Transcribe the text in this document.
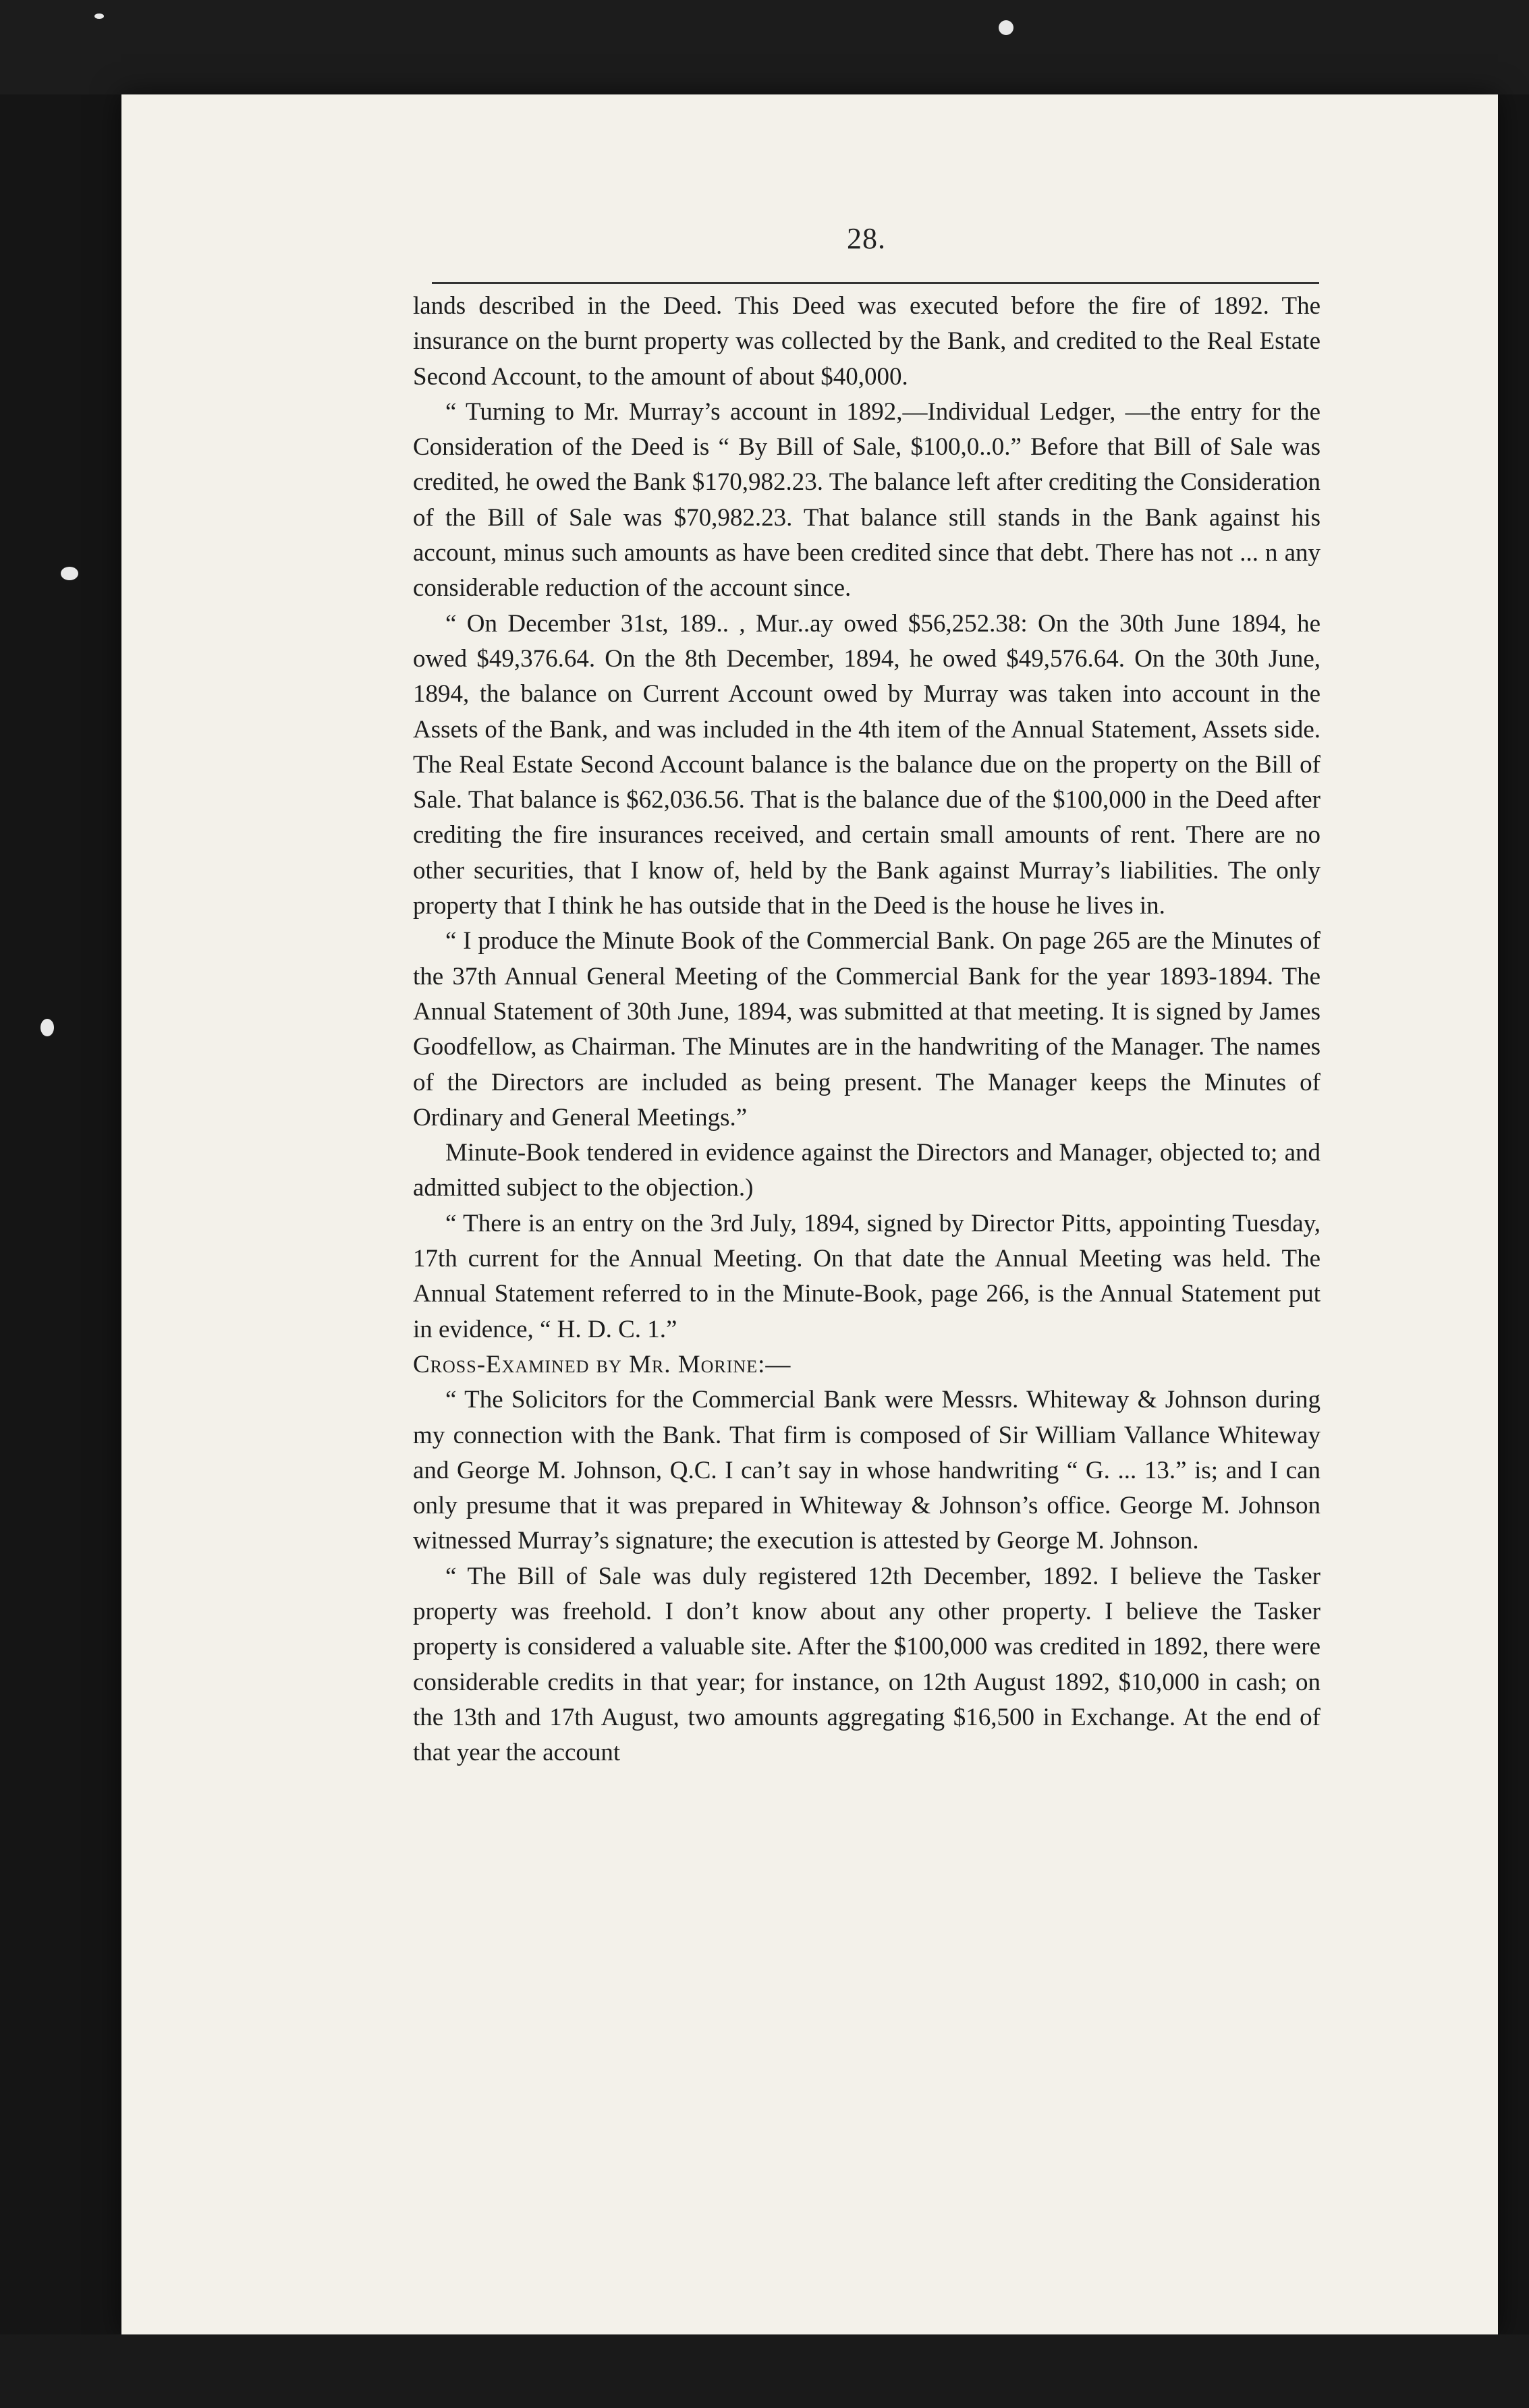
28.

lands described in the Deed. This Deed was executed before the fire of 1892. The insurance on the burnt property was collected by the Bank, and credited to the Real Estate Second Account, to the amount of about $40,000.

“ Turning to Mr. Murray’s account in 1892,—Individual Ledger, —the entry for the Consideration of the Deed is “ By Bill of Sale, $100,0..0.” Before that Bill of Sale was credited, he owed the Bank $170,982.23. The balance left after crediting the Consideration of the Bill of Sale was $70,982.23. That balance still stands in the Bank against his account, minus such amounts as have been credited since that debt. There has not ... n any considerable reduction of the account since.

“ On December 31st, 189.. , Mur..ay owed $56,252.38: On the 30th June 1894, he owed $49,376.64. On the 8th December, 1894, he owed $49,576.64. On the 30th June, 1894, the balance on Current Account owed by Murray was taken into account in the Assets of the Bank, and was included in the 4th item of the Annual Statement, Assets side. The Real Estate Second Account balance is the balance due on the property on the Bill of Sale. That balance is $62,036.56. That is the balance due of the $100,000 in the Deed after crediting the fire insurances received, and certain small amounts of rent. There are no other securities, that I know of, held by the Bank against Murray’s liabilities. The only property that I think he has outside that in the Deed is the house he lives in.

“ I produce the Minute Book of the Commercial Bank. On page 265 are the Minutes of the 37th Annual General Meeting of the Commercial Bank for the year 1893-1894. The Annual Statement of 30th June, 1894, was submitted at that meeting. It is signed by James Goodfellow, as Chairman. The Minutes are in the handwriting of the Manager. The names of the Directors are included as being present. The Manager keeps the Minutes of Ordinary and General Meetings.”

Minute-Book tendered in evidence against the Directors and Manager, objected to; and admitted subject to the objection.)

“ There is an entry on the 3rd July, 1894, signed by Director Pitts, appointing Tuesday, 17th current for the Annual Meeting. On that date the Annual Meeting was held. The Annual Statement referred to in the Minute-Book, page 266, is the Annual Statement put in evidence, “ H. D. C. 1.”

Cross-Examined by Mr. Morine:—

“ The Solicitors for the Commercial Bank were Messrs. Whiteway & Johnson during my connection with the Bank. That firm is composed of Sir William Vallance Whiteway and George M. Johnson, Q.C. I can’t say in whose handwriting “ G. ... 13.” is; and I can only presume that it was prepared in Whiteway & Johnson’s office. George M. Johnson witnessed Murray’s signature; the execution is attested by George M. Johnson.

“ The Bill of Sale was duly registered 12th December, 1892. I believe the Tasker property was freehold. I don’t know about any other property. I believe the Tasker property is considered a valuable site. After the $100,000 was credited in 1892, there were considerable credits in that year; for instance, on 12th August 1892, $10,000 in cash; on the 13th and 17th August, two amounts aggregating $16,500 in Exchange. At the end of that year the account
